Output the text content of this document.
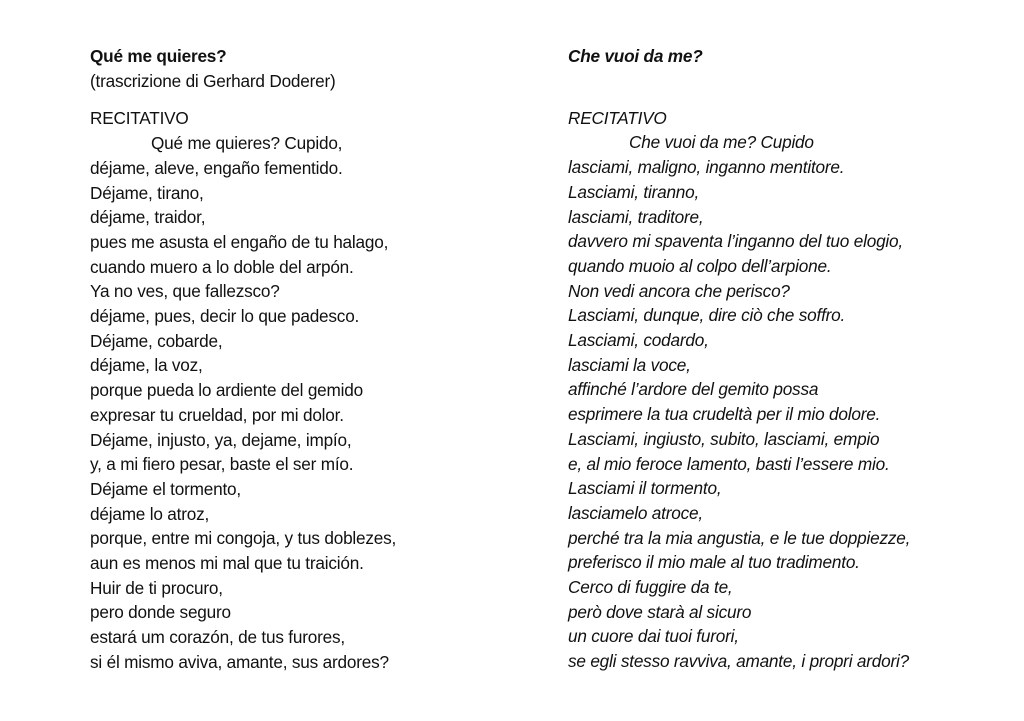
Qué me quieres?
(trascrizione di Gerhard Doderer)
RECITATIVO
Qué me quieres? Cupido,
déjame, aleve, engaño fementido.
Déjame, tirano,
déjame, traidor,
pues me asusta el engaño de tu halago,
cuando muero a lo doble del arpón.
Ya no ves, que fallezsco?
déjame, pues, decir lo que padesco.
Déjame, cobarde,
déjame, la voz,
porque pueda lo ardiente del gemido
expresar tu crueldad, por mi dolor.
Déjame, injusto, ya, dejame, impío,
y, a mi fiero pesar, baste el ser mío.
Déjame el tormento,
déjame lo atroz,
porque, entre mi congoja, y tus doblezes,
aun es menos mi mal que tu traición.
Huir de ti procuro,
pero donde seguro
estará um corazón, de tus furores,
si él mismo aviva, amante, sus ardores?
Che vuoi da me?
RECITATIVO
Che vuoi da me? Cupido
lasciami, maligno, inganno mentitore.
Lasciami, tiranno,
lasciami, traditore,
davvero mi spaventa l’inganno del tuo elogio,
quando muoio al colpo dell’arpione.
Non vedi ancora che perisco?
Lasciami, dunque, dire ciò che soffro.
Lasciami, codardo,
lasciami la voce,
affinché l’ardore del gemito possa
esprimere la tua crudeltà per il mio dolore.
Lasciami, ingiusto, subito, lasciami, empio
e, al mio feroce lamento, basti l’essere mio.
Lasciami il tormento,
lasciamelo atroce,
perché tra la mia angustia, e le tue doppiezze,
preferisco il mio male al tuo tradimento.
Cerco di fuggire da te,
però dove starà al sicuro
un cuore dai tuoi furori,
se egli stesso ravviva, amante, i propri ardori?
